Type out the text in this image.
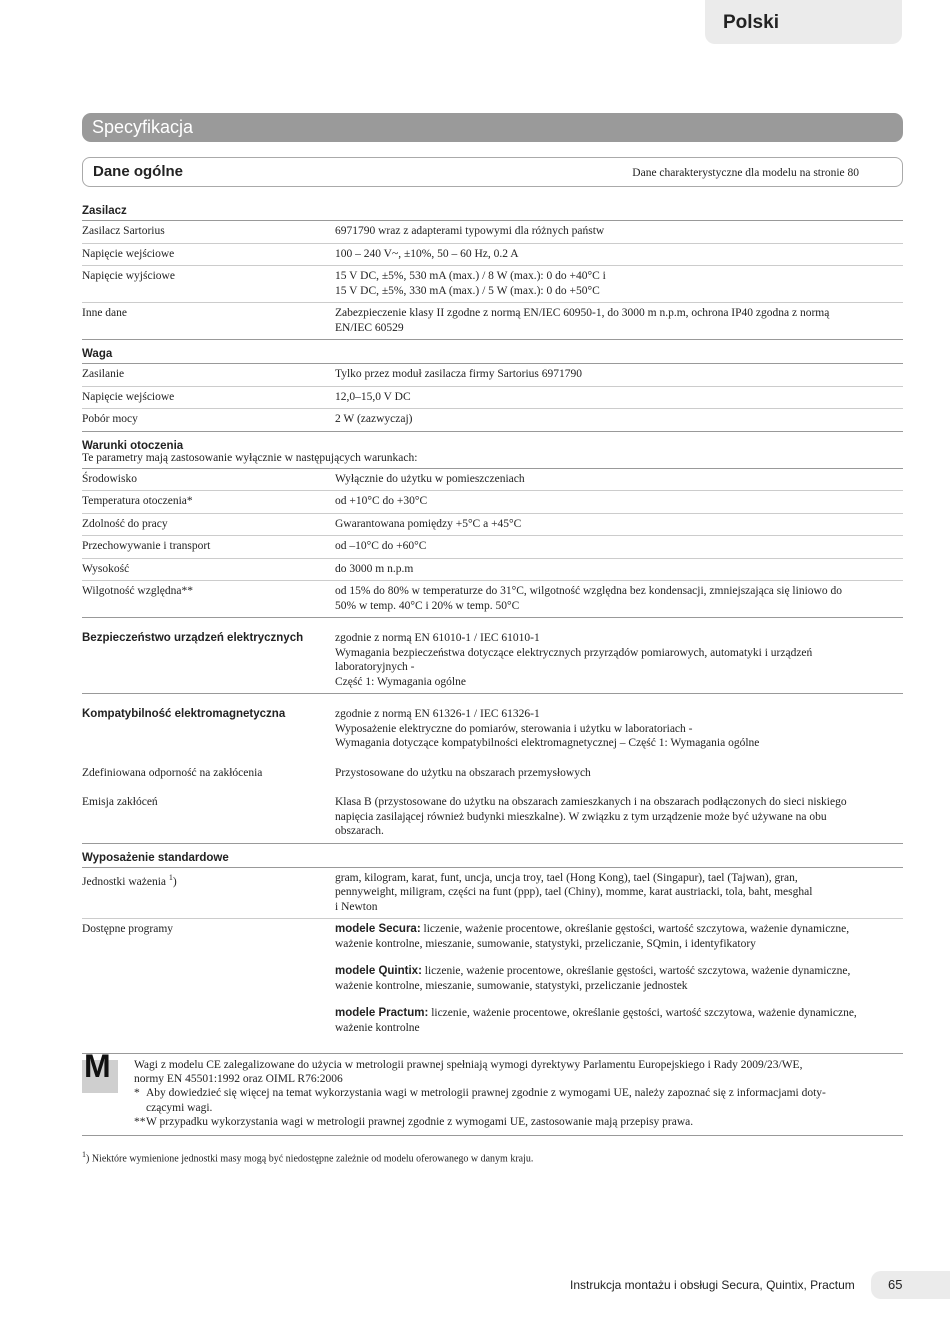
Polski
Specyfikacja
Dane ogólne	Dane charakterystyczne dla modelu na stronie 80
Zasilacz
Zasilacz Sartorius	6971790 wraz z adapterami typowymi dla różnych państw
Napięcie wejściowe	100 – 240 V~, ±10%, 50 – 60 Hz, 0.2 A
Napięcie wyjściowe	15 V DC, ±5%, 530 mA (max.) / 8 W (max.): 0 do +40°C i
15 V DC, ±5%, 330 mA (max.) / 5 W (max.): 0 do +50°C
Inne dane	Zabezpieczenie klasy II zgodne z normą EN/IEC 60950-1, do 3000 m n.p.m, ochrona IP40 zgodna z normą
EN/IEC 60529
Waga
Zasilanie	Tylko przez moduł zasilacza firmy Sartorius 6971790
Napięcie wejściowe	12,0–15,0 V DC
Pobór mocy	2 W (zazwyczaj)
Warunki otoczenia
Te parametry mają zastosowanie wyłącznie w następujących warunkach:
Środowisko	Wyłącznie do użytku w pomieszczeniach
Temperatura otoczenia*	od +10°C do +30°C
Zdolność do pracy	Gwarantowana pomiędzy +5°C a +45°C
Przechowywanie i transport	od –10°C do +60°C
Wysokość	do 3000 m n.p.m
Wilgotność względna**	od 15% do 80% w temperaturze do 31°C, wilgotność względna bez kondensacji, zmniejszająca się liniowo do
50% w temp. 40°C i 20% w temp. 50°C
Bezpieczeństwo urządzeń elektrycznych	zgodnie z normą EN 61010-1 / IEC 61010-1
Wymagania bezpieczeństwa dotyczące elektrycznych przyrządów pomiarowych, automatyki i urządzeń
laboratoryjnych -
Część 1: Wymagania ogólne
Kompatybilność elektromagnetyczna	zgodnie z normą EN 61326-1 / IEC 61326-1
Wyposażenie elektryczne do pomiarów, sterowania i użytku w laboratoriach -
Wymagania dotyczące kompatybilności elektromagnetycznej – Część 1: Wymagania ogólne
Zdefiniowana odporność na zakłócenia	Przystosowane do użytku na obszarach przemysłowych
Emisja zakłóceń	Klasa B (przystosowane do użytku na obszarach zamieszkanych i na obszarach podłączonych do sieci niskiego
napięcia zasilającej również budynki mieszkalne). W związku z tym urządzenie może być używane na obu
obszarach.
Wyposażenie standardowe
Jednostki ważenia $^1$)	gram, kilogram, karat, funt, uncja, uncja troy, tael (Hong Kong), tael (Singapur), tael (Tajwan), gran,
pennyweight, miligram, części na funt (ppp), tael (Chiny), momme, karat austriacki, tola, baht, mesghal
i Newton
Dostępne programy	modele Secura: liczenie, ważenie procentowe, określanie gęstości, wartość szczytowa, ważenie dynamiczne,
ważenie kontrolne, mieszanie, sumowanie, statystyki, przeliczanie, SQmin, i identyfikatory
modele Quintix: liczenie, ważenie procentowe, określanie gęstości, wartość szczytowa, ważenie dynamiczne,
ważenie kontrolne, mieszanie, sumowanie, statystyki, przeliczanie jednostek
modele Practum: liczenie, ważenie procentowe, określanie gęstości, wartość szczytowa, ważenie dynamiczne,
ważenie kontrolne
M Wagi z modelu CE zalegalizowane do użycia w metrologii prawnej spełniają wymogi dyrektywy Parlamentu Europejskiego i Rady 2009/23/WE,
normy EN 45501:1992 oraz OIML R76:2006
* Aby dowiedzieć się więcej na temat wykorzystania wagi w metrologii prawnej zgodnie z wymogami UE, należy zapoznać się z informacjami doty-
czącymi wagi.
** W przypadku wykorzystania wagi w metrologii prawnej zgodnie z wymogami UE, zastosowanie mają przepisy prawa.
$^1$) Niektóre wymienione jednostki masy mogą być niedostępne zależnie od modelu oferowanego w danym kraju.
Instrukcja montażu i obsługi Secura, Quintix, Practum	65
